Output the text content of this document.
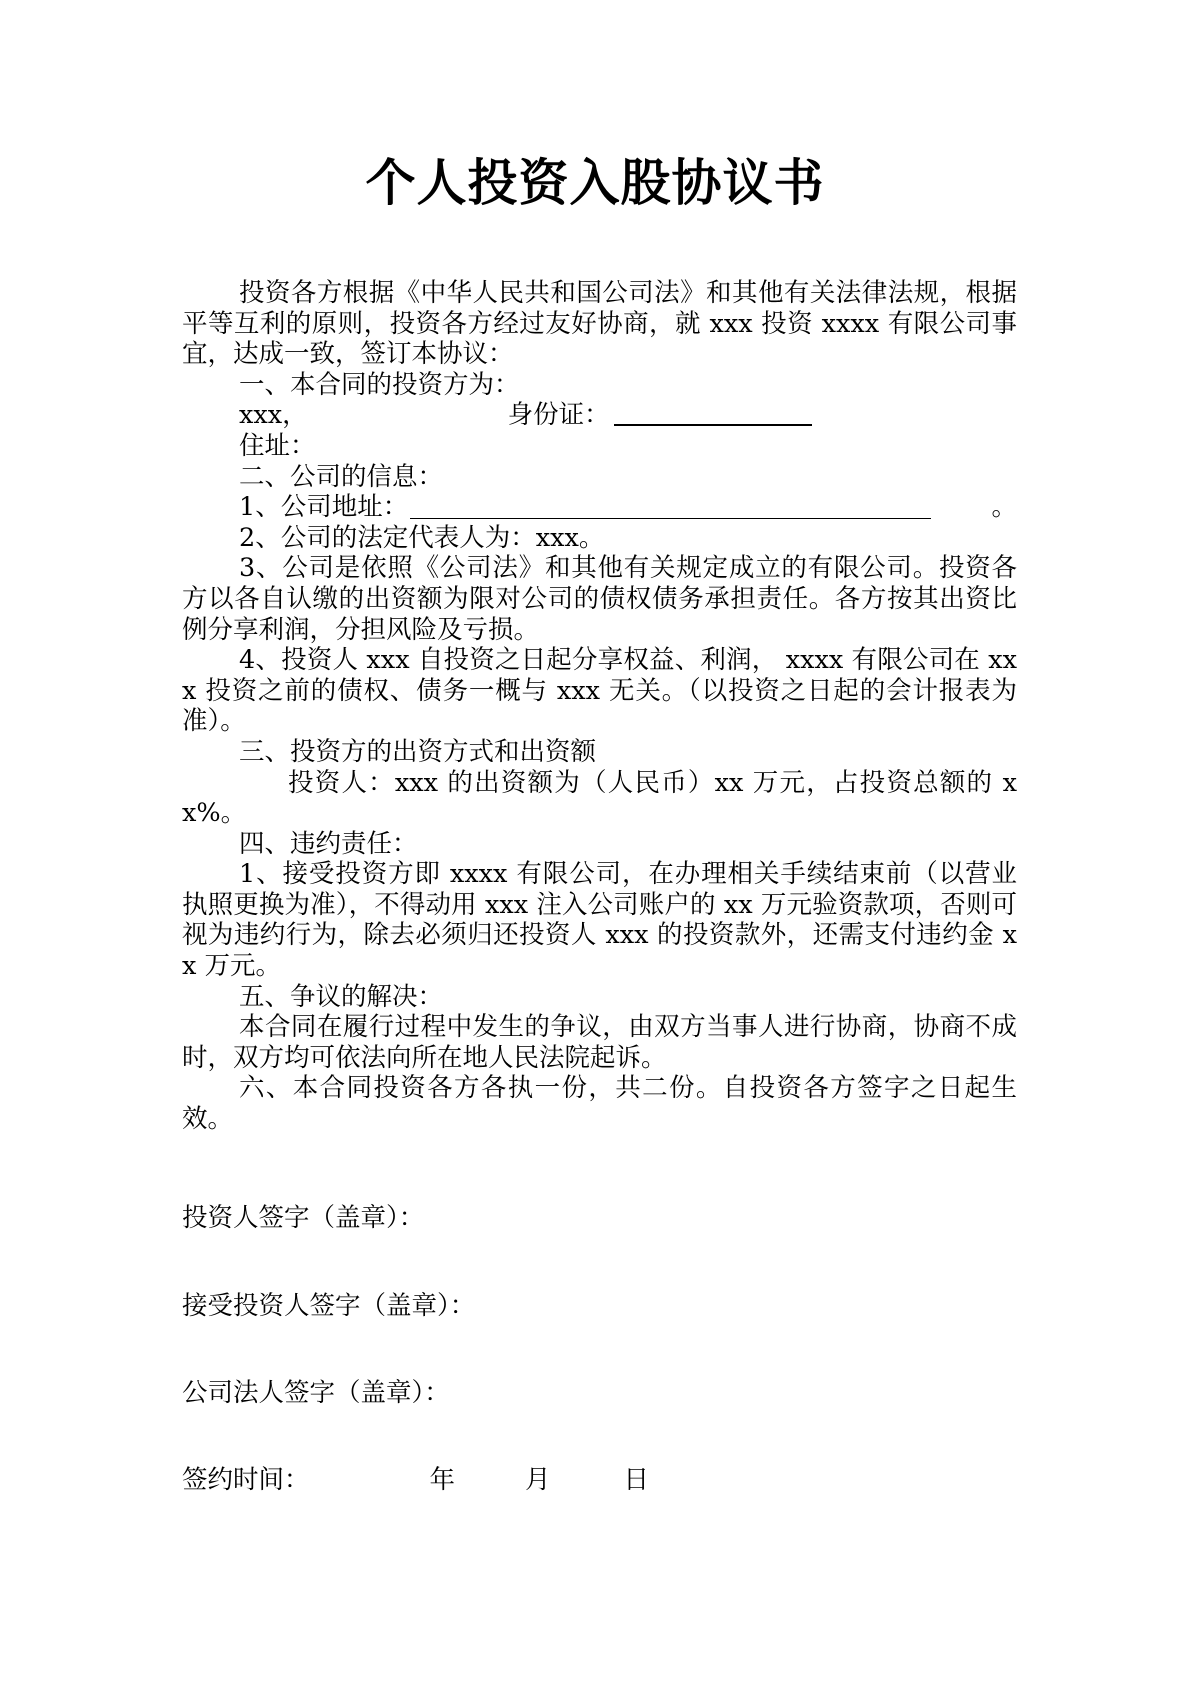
个人投资入股协议书

投资各方根据《中华人民共和国公司法》和其他有关法律法规，根据平等互利的原则，投资各方经过友好协商，就 xxx 投资 xxxx 有限公司事宜，达成一致，签订本协议：

一、本合同的投资方为：

xxx，	身份证：

住址：

二、公司的信息：

1、公司地址：	。

2、公司的法定代表人为：xxx。

3、公司是依照《公司法》和其他有关规定成立的有限公司。投资各方以各自认缴的出资额为限对公司的债权债务承担责任。各方按其出资比例分享利润，分担风险及亏损。

4、投资人 xxx 自投资之日起分享权益、利润， xxxx 有限公司在 xxx 投资之前的债权、债务一概与 xxx 无关。（以投资之日起的会计报表为准）。

三、投资方的出资方式和出资额

投资人：xxx 的出资额为（人民币）xx 万元，占投资总额的 xx%。

四、违约责任：

1、接受投资方即 xxxx 有限公司，在办理相关手续结束前（以营业执照更换为准），不得动用 xxx 注入公司账户的 xx 万元验资款项，否则可视为违约行为，除去必须归还投资人 xxx 的投资款外，还需支付违约金 xx 万元。

五、争议的解决：

本合同在履行过程中发生的争议，由双方当事人进行协商，协商不成时，双方均可依法向所在地人民法院起诉。

六、本合同投资各方各执一份，共二份。自投资各方签字之日起生效。

投资人签字（盖章）：
接受投资人签字（盖章）：
公司法人签字（盖章）：
签约时间：	年	月	日
